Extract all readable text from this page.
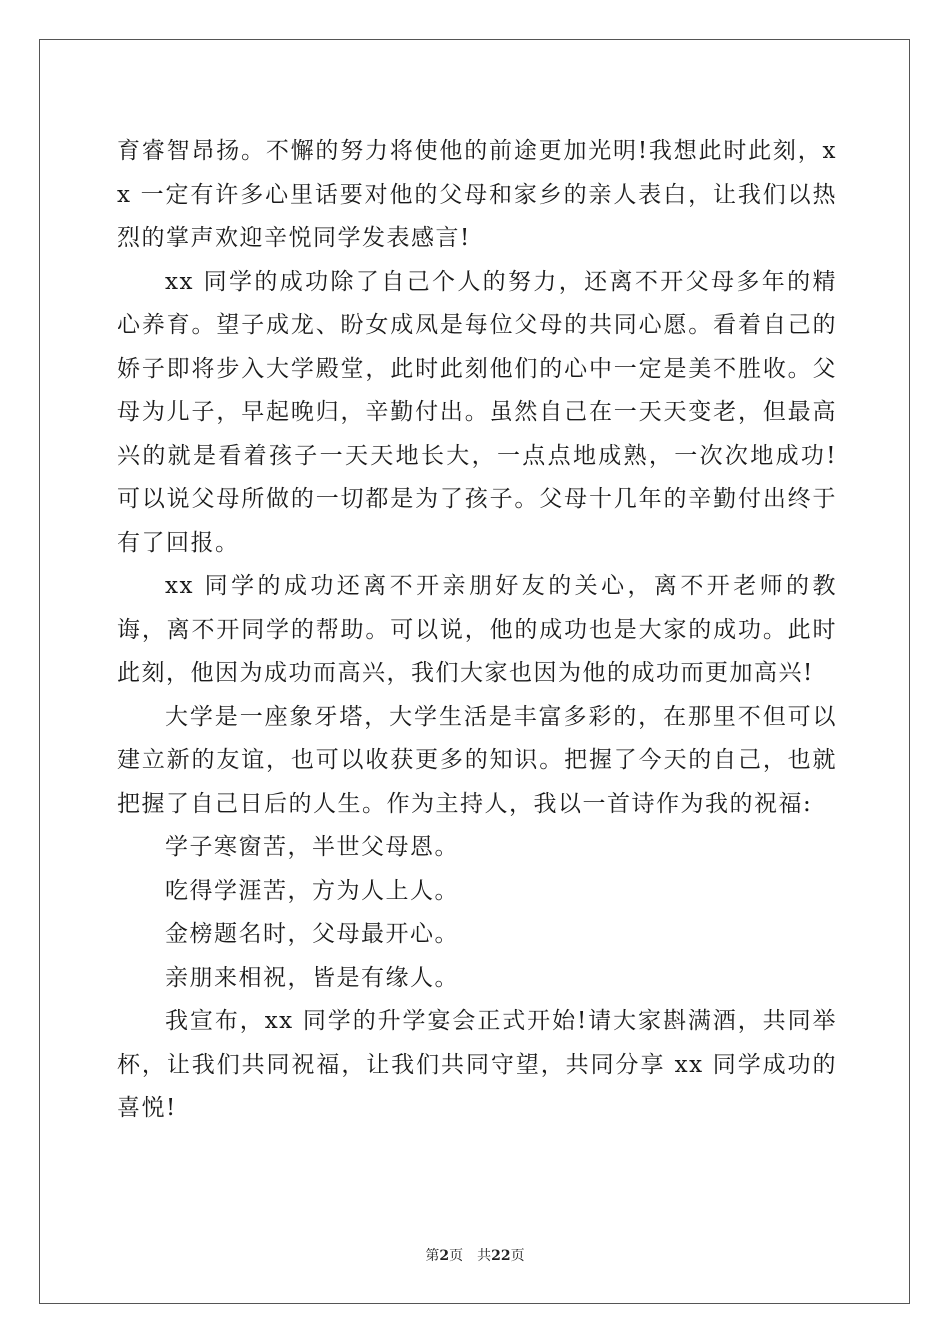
育睿智昂扬。不懈的努力将使他的前途更加光明!我想此时此刻，xx 一定有许多心里话要对他的父母和家乡的亲人表白，让我们以热烈的掌声欢迎辛悦同学发表感言!

xx 同学的成功除了自己个人的努力，还离不开父母多年的精心养育。望子成龙、盼女成凤是每位父母的共同心愿。看着自己的娇子即将步入大学殿堂，此时此刻他们的心中一定是美不胜收。父母为儿子，早起晚归，辛勤付出。虽然自己在一天天变老，但最高兴的就是看着孩子一天天地长大，一点点地成熟，一次次地成功!可以说父母所做的一切都是为了孩子。父母十几年的辛勤付出终于有了回报。

xx 同学的成功还离不开亲朋好友的关心，离不开老师的教诲，离不开同学的帮助。可以说，他的成功也是大家的成功。此时此刻，他因为成功而高兴，我们大家也因为他的成功而更加高兴!

大学是一座象牙塔，大学生活是丰富多彩的，在那里不但可以建立新的友谊，也可以收获更多的知识。把握了今天的自己，也就把握了自己日后的人生。作为主持人，我以一首诗作为我的祝福:

学子寒窗苦，半世父母恩。

吃得学涯苦，方为人上人。

金榜题名时，父母最开心。

亲朋来相祝，皆是有缘人。

我宣布，xx 同学的升学宴会正式开始!请大家斟满酒，共同举杯，让我们共同祝福，让我们共同守望，共同分享 xx 同学成功的喜悦!

第2页 共22页
